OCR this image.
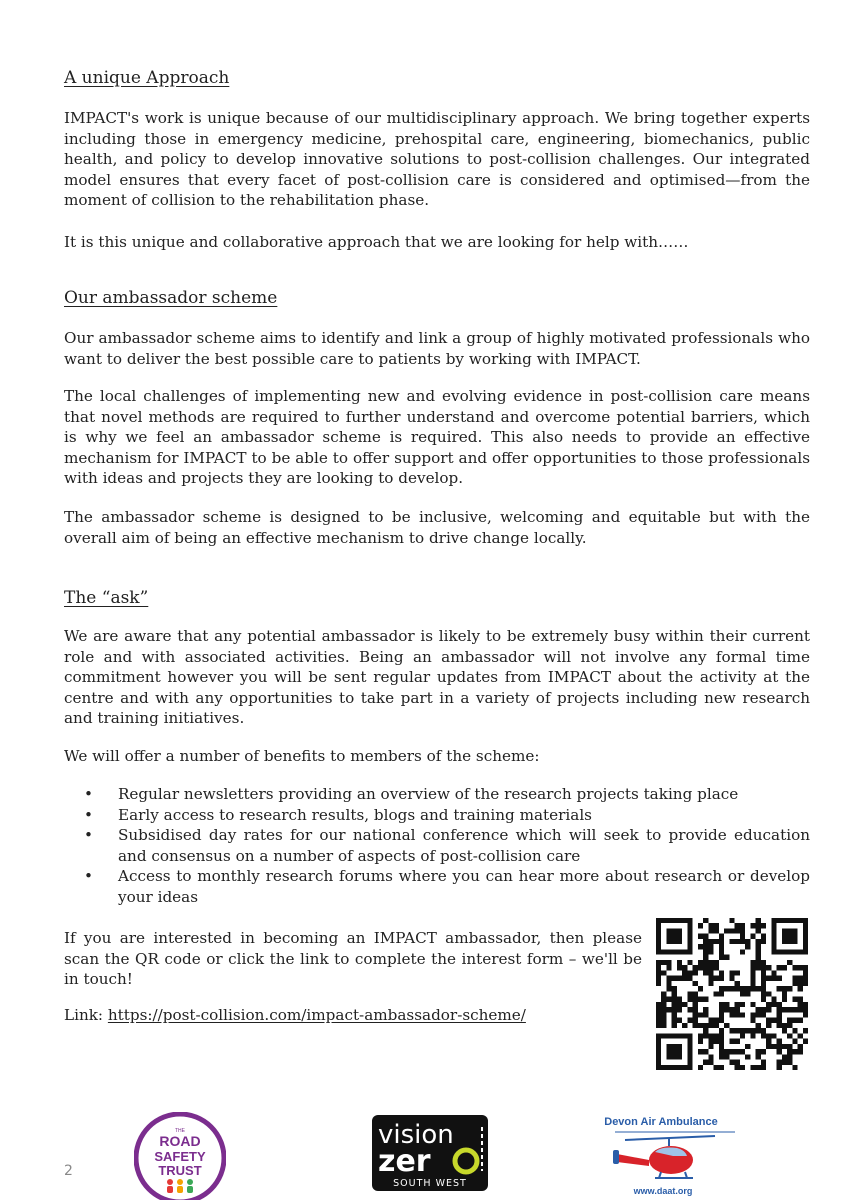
A unique Approach

IMPACT's work is unique because of our multidisciplinary approach. We bring together experts including those in emergency medicine, prehospital care, engineering, biomechanics, public health, and policy to develop innovative solutions to post-collision challenges. Our integrated model ensures that every facet of post-collision care is considered and optimised—from the moment of collision to the rehabilitation phase.

It is this unique and collaborative approach that we are looking for help with……

Our ambassador scheme

Our ambassador scheme aims to identify and link a group of highly motivated professionals who want to deliver the best possible care to patients by working with IMPACT.

The local challenges of implementing new and evolving evidence in post-collision care means that novel methods are required to further understand and overcome potential barriers, which is why we feel an ambassador scheme is required. This also needs to provide an effective mechanism for IMPACT to be able to offer support and offer opportunities to those professionals with ideas and projects they are looking to develop.

The ambassador scheme is designed to be inclusive, welcoming and equitable but with the overall aim of being an effective mechanism to drive change locally.

The “ask”

We are aware that any potential ambassador is likely to be extremely busy within their current role and with associated activities. Being an ambassador will not involve any formal time commitment however you will be sent regular updates from IMPACT about the activity at the centre and with any opportunities to take part in a variety of projects including new research and training initiatives.

We will offer a number of benefits to members of the scheme:

• Regular newsletters providing an overview of the research projects taking place
• Early access to research results, blogs and training materials
• Subsidised day rates for our national conference which will seek to provide education and consensus on a number of aspects of post-collision care
• Access to monthly research forums where you can hear more about research or develop your ideas

If you are interested in becoming an IMPACT ambassador, then please scan the QR code or click the link to complete the interest form – we'll be in touch!

Link: https://post-collision.com/impact-ambassador-scheme/
THE
ROAD
SAFETY
TRUST
vision
zer
SOUTH WEST
Devon Air Ambulance
www.daat.org
2
